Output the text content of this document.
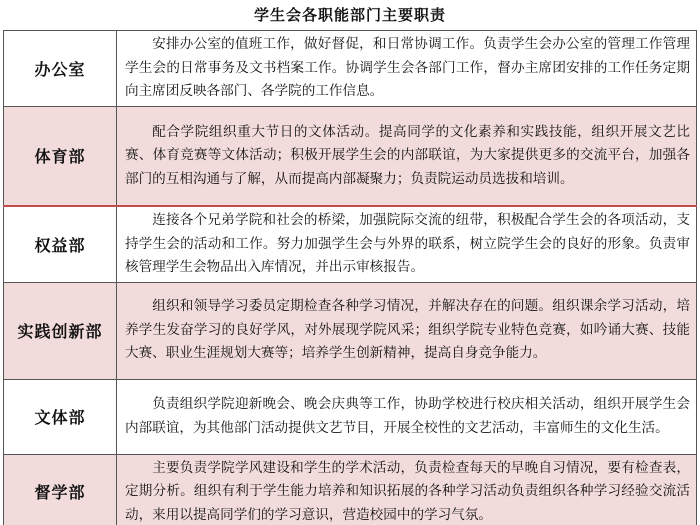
学生会各职能部门主要职责
办公室	安排办公室的值班工作，做好督促，和日常协调工作。负责学生会办公室的管理工作管理学生会的日常事务及文书档案工作。协调学生会各部门工作，督办主席团安排的工作任务定期向主席团反映各部门、各学院的工作信息。
体育部	配合学院组织重大节日的文体活动。提高同学的文化素养和实践技能，组织开展文艺比赛、体育竞赛等文体活动；积极开展学生会的内部联谊，为大家提供更多的交流平台，加强各部门的互相沟通与了解，从而提高内部凝聚力；负责院运动员选拔和培训。
权益部	连接各个兄弟学院和社会的桥梁，加强院际交流的纽带，积极配合学生会的各项活动，支持学生会的活动和工作。努力加强学生会与外界的联系，树立院学生会的良好的形象。负责审核管理学生会物品出入库情况，并出示审核报告。
实践创新部	组织和领导学习委员定期检查各种学习情况，并解决存在的问题。组织课余学习活动，培养学生发奋学习的良好学风，对外展现学院风采；组织学院专业特色竞赛，如吟诵大赛、技能大赛、职业生涯规划大赛等；培养学生创新精神，提高自身竞争能力。
文体部	负责组织学院迎新晚会、晚会庆典等工作，协助学校进行校庆相关活动，组织开展学生会内部联谊，为其他部门活动提供文艺节目，开展全校性的文艺活动，丰富师生的文化生活。
督学部	主要负责学院学风建设和学生的学术活动，负责检查每天的早晚自习情况，要有检查表，定期分析。组织有利于学生能力培养和知识拓展的各种学习活动负责组织各种学习经验交流活动，来用以提高同学们的学习意识，营造校园中的学习气氛。
